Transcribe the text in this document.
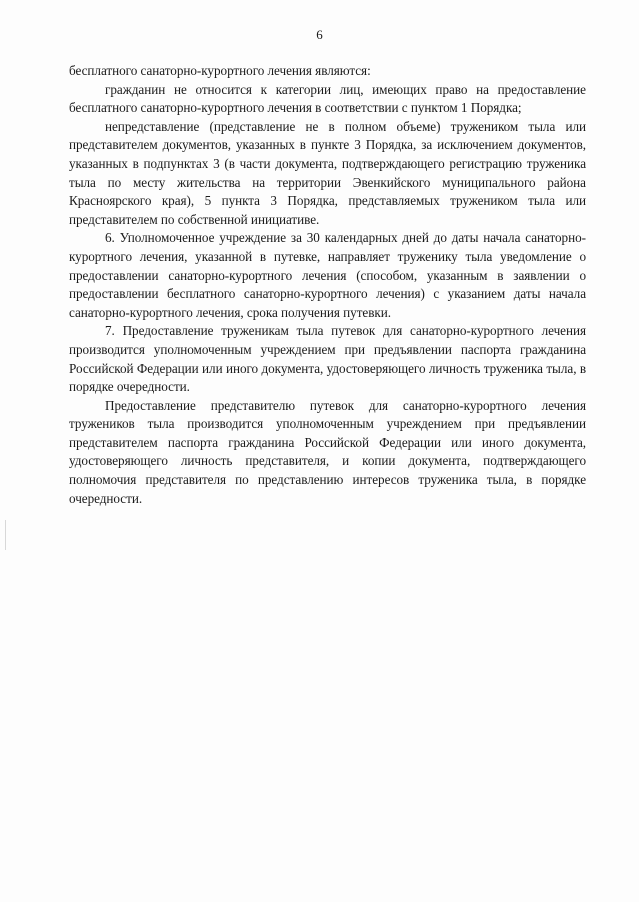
6

бесплатного санаторно-курортного лечения являются:

гражданин не относится к категории лиц, имеющих право на предоставление бесплатного санаторно-курортного лечения в соответствии с пунктом 1 Порядка;

непредставление (представление не в полном объеме) тружеником тыла или представителем документов, указанных в пункте 3 Порядка, за исключением документов, указанных в подпунктах 3 (в части документа, подтверждающего регистрацию труженика тыла по месту жительства на территории Эвенкийского муниципального района Красноярского края), 5 пункта 3 Порядка, представляемых тружеником тыла или представителем по собственной инициативе.

6. Уполномоченное учреждение за 30 календарных дней до даты начала санаторно-курортного лечения, указанной в путевке, направляет труженику тыла уведомление о предоставлении санаторно-курортного лечения (способом, указанным в заявлении о предоставлении бесплатного санаторно-курортного лечения) с указанием даты начала санаторно-курортного лечения, срока получения путевки.

7. Предоставление труженикам тыла путевок для санаторно-курортного лечения производится уполномоченным учреждением при предъявлении паспорта гражданина Российской Федерации или иного документа, удостоверяющего личность труженика тыла, в порядке очередности.

Предоставление представителю путевок для санаторно-курортного лечения тружеников тыла производится уполномоченным учреждением при предъявлении представителем паспорта гражданина Российской Федерации или иного документа, удостоверяющего личность представителя, и копии документа, подтверждающего полномочия представителя по представлению интересов труженика тыла, в порядке очередности.
